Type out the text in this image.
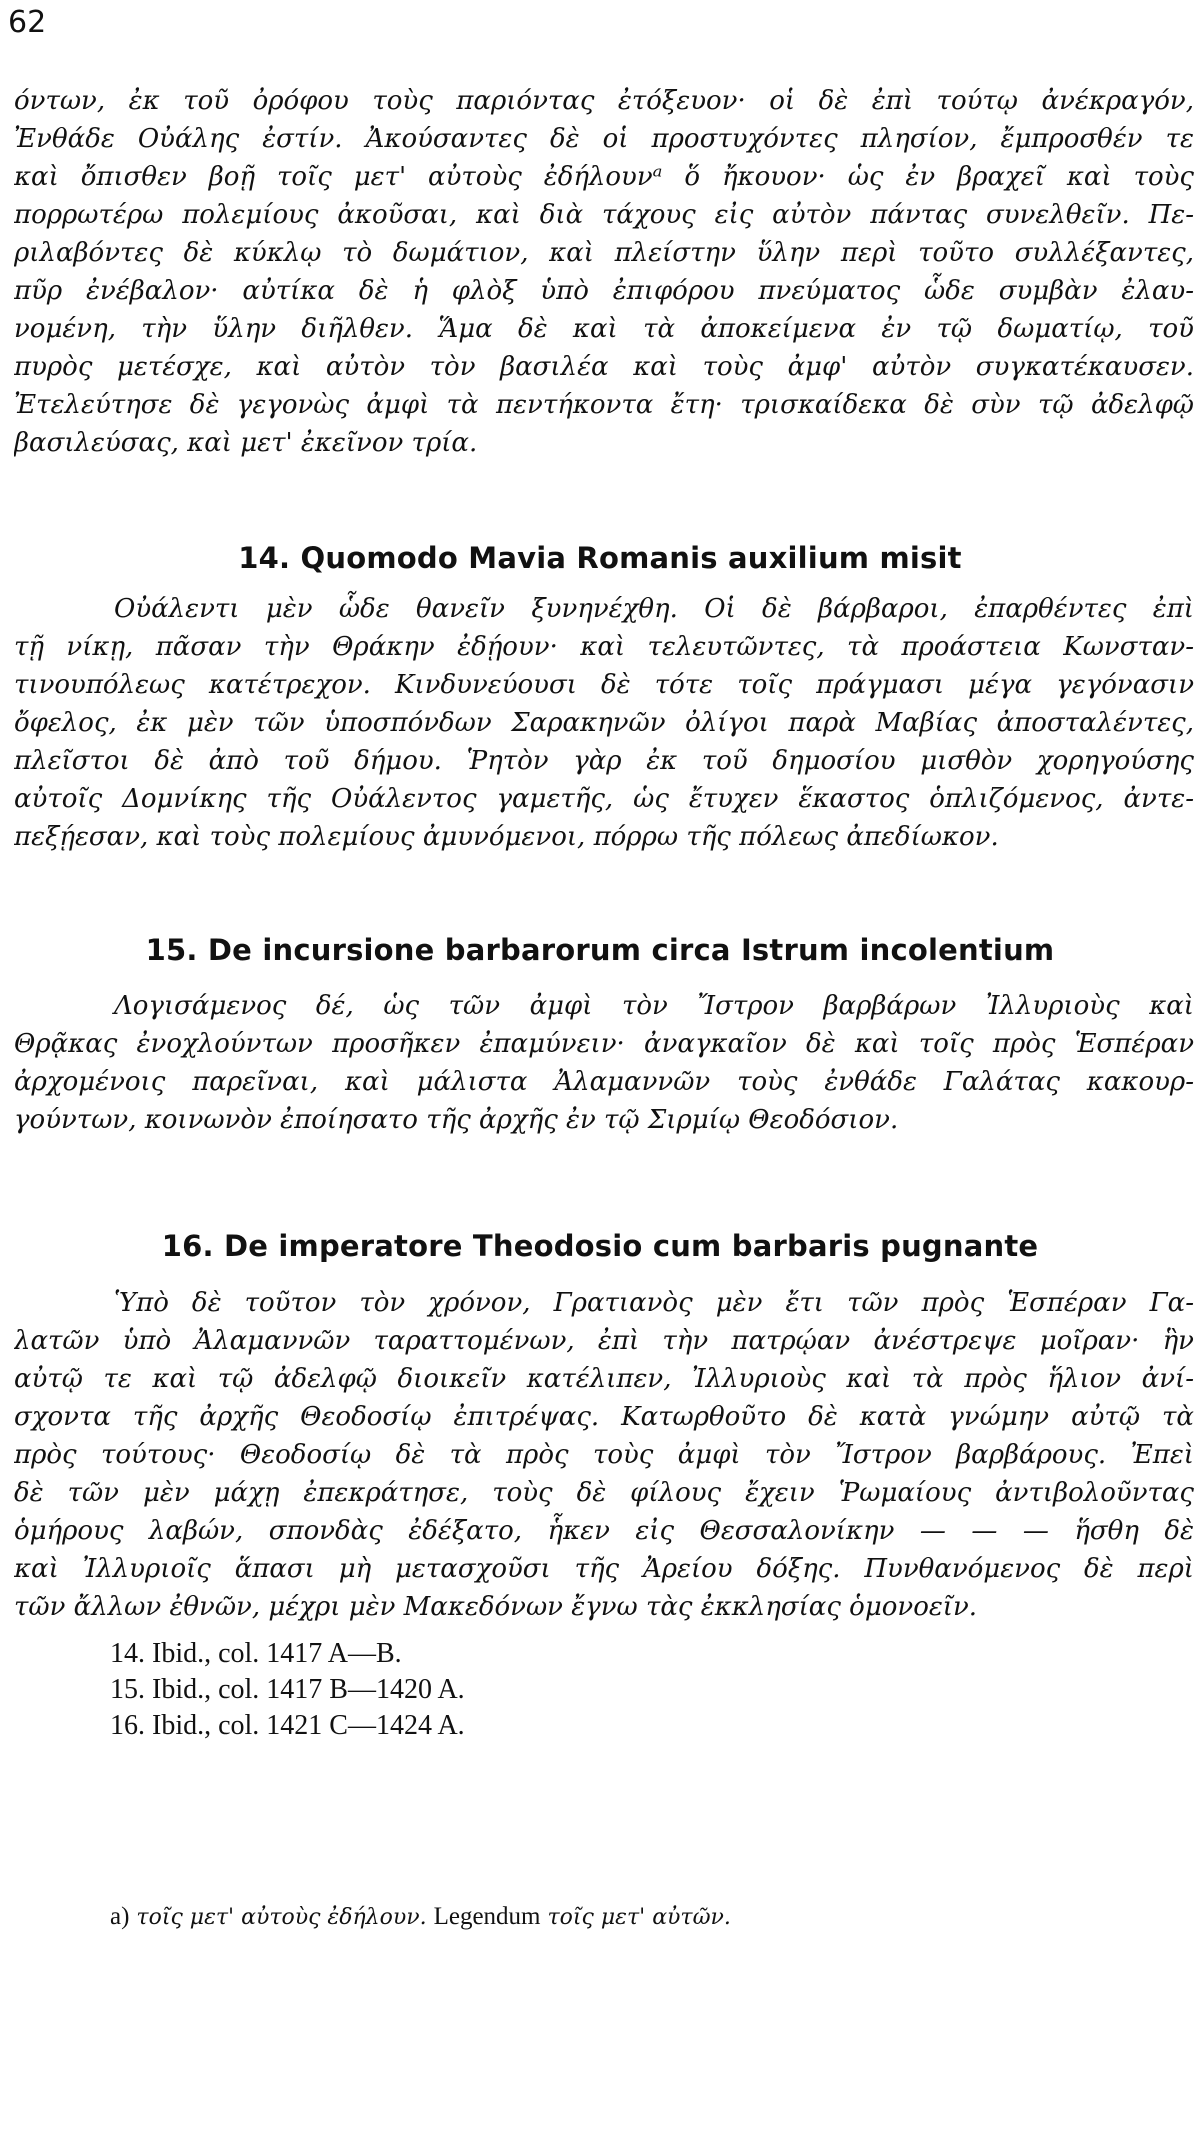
62
όντων, ἐκ τοῦ ὀρόφου τοὺς παριόντας ἐτόξευον· οἱ δὲ ἐπὶ τούτῳ ἀνέκραγόν,
Ἐνθάδε Οὐάλης ἐστίν. Ἀκούσαντες δὲ οἱ προστυχόντες πλησίον, ἔμπροσθέν τε
καὶ ὄπισθεν βοῇ τοῖς μετ' αὐτοὺς ἐδήλουνᵃ ὅ ἤκουον· ὡς ἐν βραχεῖ καὶ τοὺς
πορρωτέρω πολεμίους ἀκοῦσαι, καὶ διὰ τάχους εἰς αὐτὸν πάντας συνελθεῖν. Πε-
ριλαβόντες δὲ κύκλῳ τὸ δωμάτιον, καὶ πλείστην ὕλην περὶ τοῦτο συλλέξαντες,
πῦρ ἐνέβαλον· αὐτίκα δὲ ἡ φλὸξ ὑπὸ ἐπιφόρου πνεύματος ὧδε συμβὰν ἐλαυ-
νομένη, τὴν ὕλην διῆλθεν. Ἅμα δὲ καὶ τὰ ἀποκείμενα ἐν τῷ δωματίῳ, τοῦ
πυρὸς μετέσχε, καὶ αὐτὸν τὸν βασιλέα καὶ τοὺς ἀμφ' αὐτὸν συγκατέκαυσεν.
Ἐτελεύτησε δὲ γεγονὼς ἀμφὶ τὰ πεντήκοντα ἔτη· τρισκαίδεκα δὲ σὺν τῷ ἀδελφῷ
βασιλεύσας, καὶ μετ' ἐκεῖνον τρία.
14. Quomodo Mavia Romanis auxilium misit
Οὐάλεντι μὲν ὧδε θανεῖν ξυνηνέχθη. Οἱ δὲ βάρβαροι, ἐπαρθέντες ἐπὶ
τῇ νίκῃ, πᾶσαν τὴν Θράκην ἐδῄουν· καὶ τελευτῶντες, τὰ προάστεια Κωνσταν-
τινουπόλεως κατέτρεχον. Κινδυνεύουσι δὲ τότε τοῖς πράγμασι μέγα γεγόνασιν
ὄφελος, ἐκ μὲν τῶν ὑποσπόνδων Σαρακηνῶν ὀλίγοι παρὰ Μαβίας ἀποσταλέντες,
πλεῖστοι δὲ ἀπὸ τοῦ δήμου. Ῥητὸν γὰρ ἐκ τοῦ δημοσίου μισθὸν χορηγούσης
αὐτοῖς Δομνίκης τῆς Οὐάλεντος γαμετῆς, ὡς ἔτυχεν ἕκαστος ὁπλιζόμενος, ἀντε-
πεξῄεσαν, καὶ τοὺς πολεμίους ἀμυνόμενοι, πόρρω τῆς πόλεως ἀπεδίωκον.
15. De incursione barbarorum circa Istrum incolentium
Λογισάμενος δέ, ὡς τῶν ἀμφὶ τὸν Ἴστρον βαρβάρων Ἰλλυριοὺς καὶ
Θρᾷκας ἐνοχλούντων προσῆκεν ἐπαμύνειν· ἀναγκαῖον δὲ καὶ τοῖς πρὸς Ἑσπέραν
ἀρχομένοις παρεῖναι, καὶ μάλιστα Ἀλαμαννῶν τοὺς ἐνθάδε Γαλάτας κακουρ-
γούντων, κοινωνὸν ἐποίησατο τῆς ἀρχῆς ἐν τῷ Σιρμίῳ Θεοδόσιον.
16. De imperatore Theodosio cum barbaris pugnante
Ὑπὸ δὲ τοῦτον τὸν χρόνον, Γρατιανὸς μὲν ἔτι τῶν πρὸς Ἑσπέραν Γα-
λατῶν ὑπὸ Ἀλαμαννῶν ταραττομένων, ἐπὶ τὴν πατρῴαν ἀνέστρεψε μοῖραν· ἣν
αὐτῷ τε καὶ τῷ ἀδελφῷ διοικεῖν κατέλιπεν, Ἰλλυριοὺς καὶ τὰ πρὸς ἥλιον ἀνί-
σχοντα τῆς ἀρχῆς Θεοδοσίῳ ἐπιτρέψας. Κατωρθοῦτο δὲ κατὰ γνώμην αὐτῷ τὰ
πρὸς τούτους· Θεοδοσίῳ δὲ τὰ πρὸς τοὺς ἀμφὶ τὸν Ἴστρον βαρβάρους. Ἐπεὶ
δὲ τῶν μὲν μάχῃ ἐπεκράτησε, τοὺς δὲ φίλους ἔχειν Ῥωμαίους ἀντιβολοῦντας
ὁμήρους λαβών, σπονδὰς ἐδέξατο, ἧκεν εἰς Θεσσαλονίκην — — — ἥσθη δὲ
καὶ Ἰλλυριοῖς ἅπασι μὴ μετασχοῦσι τῆς Ἀρείου δόξης. Πυνθανόμενος δὲ περὶ
τῶν ἄλλων ἐθνῶν, μέχρι μὲν Μακεδόνων ἔγνω τὰς ἐκκλησίας ὁμονοεῖν.
14. Ibid., col. 1417 A—B.
15. Ibid., col. 1417 B—1420 A.
16. Ibid., col. 1421 C—1424 A.
a) τοῖς μετ' αὐτοὺς ἐδήλουν. Legendum τοῖς μετ' αὐτῶν.
